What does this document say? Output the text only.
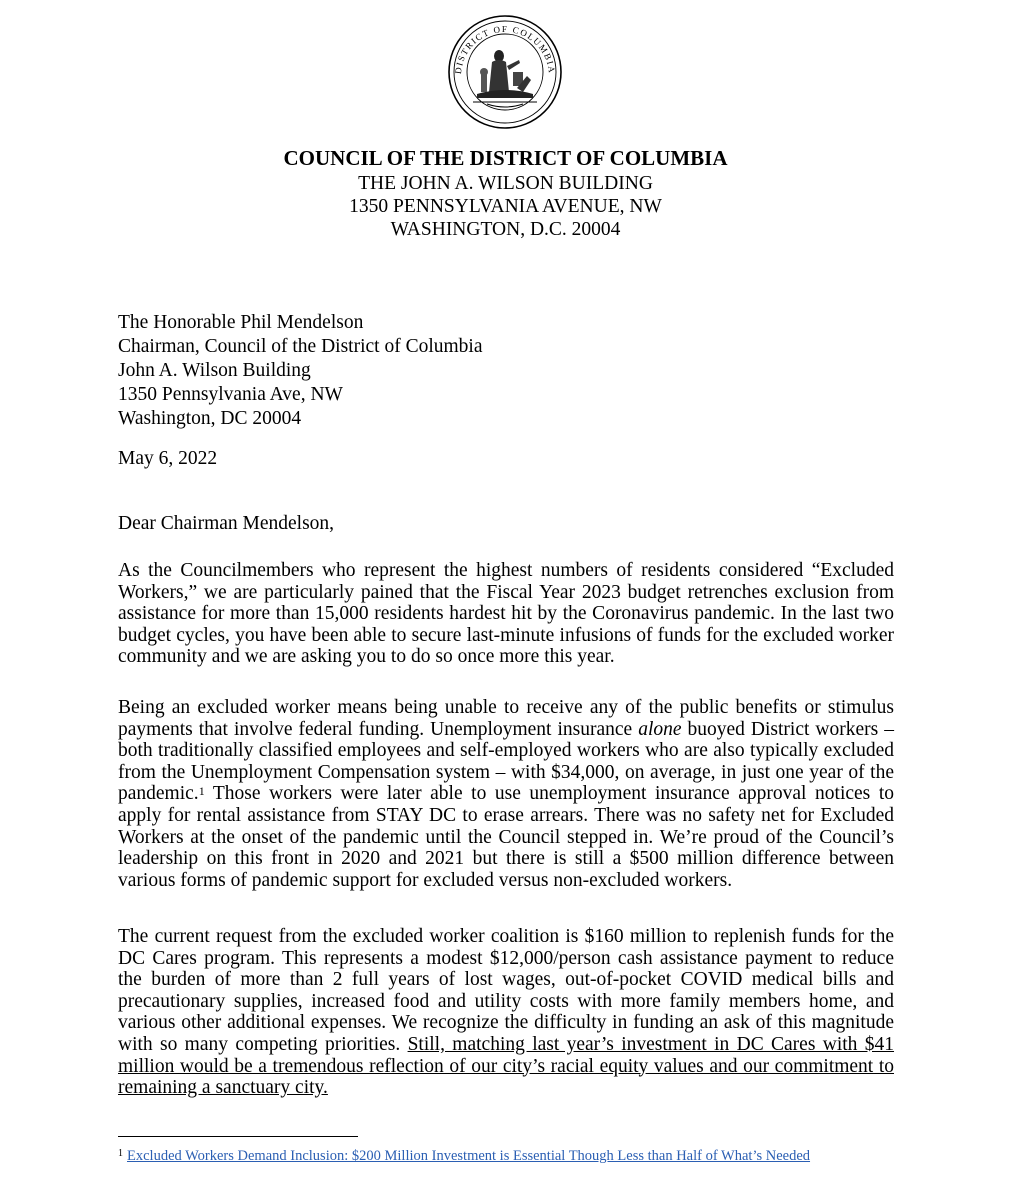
DISTRICT OF COLUMBIA
COUNCIL OF THE DISTRICT OF COLUMBIA
THE JOHN A. WILSON BUILDING
1350 PENNSYLVANIA AVENUE, NW
WASHINGTON, D.C. 20004
The Honorable Phil Mendelson
Chairman, Council of the District of Columbia
John A. Wilson Building
1350 Pennsylvania Ave, NW
Washington, DC 20004
May 6, 2022
Dear Chairman Mendelson,
As the Councilmembers who represent the highest numbers of residents considered “Excluded
Workers,” we are particularly pained that the Fiscal Year 2023 budget retrenches exclusion from
assistance for more than 15,000 residents hardest hit by the Coronavirus pandemic. In the last two
budget cycles, you have been able to secure last-minute infusions of funds for the excluded worker
community and we are asking you to do so once more this year.
Being an excluded worker means being unable to receive any of the public benefits or stimulus
payments that involve federal funding. Unemployment insurance alone buoyed District workers –
both traditionally classified employees and self-employed workers who are also typically excluded
from the Unemployment Compensation system – with $34,000, on average, in just one year of the
pandemic.$^1$ Those workers were later able to use unemployment insurance approval notices to
apply for rental assistance from STAY DC to erase arrears. There was no safety net for Excluded
Workers at the onset of the pandemic until the Council stepped in. We’re proud of the Council’s
leadership on this front in 2020 and 2021 but there is still a $500 million difference between
various forms of pandemic support for excluded versus non-excluded workers.
The current request from the excluded worker coalition is $160 million to replenish funds for the
DC Cares program. This represents a modest $12,000/person cash assistance payment to reduce
the burden of more than 2 full years of lost wages, out-of-pocket COVID medical bills and
precautionary supplies, increased food and utility costs with more family members home, and
various other additional expenses. We recognize the difficulty in funding an ask of this magnitude
with so many competing priorities. Still, matching last year’s investment in DC Cares with $41
million would be a tremendous reflection of our city’s racial equity values and our commitment to
remaining a sanctuary city.
$^1$ Excluded Workers Demand Inclusion: $200 Million Investment is Essential Though Less than Half of What’s Needed
